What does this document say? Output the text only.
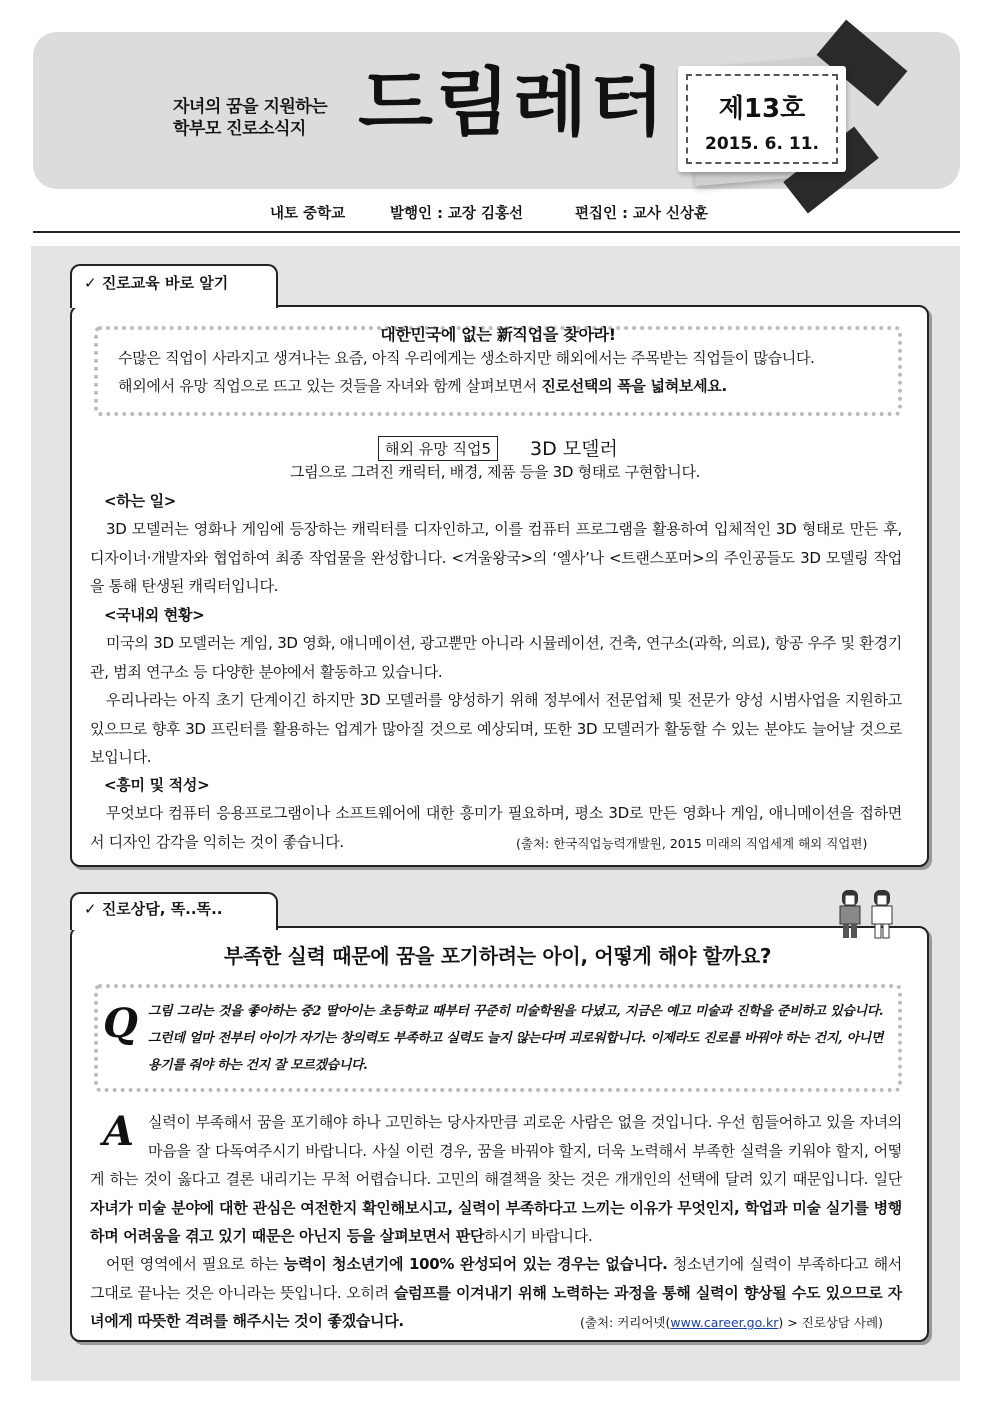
자녀의 꿈을 지원하는
학부모 진로소식지 드림레터	제13호
2015. 6. 11.
내토 중학교	발행인 : 교장 김홍선	편집인 : 교사 신상훈
✓ 진로교육 바로 알기
대한민국에 없는 新직업을 찾아라!
수많은 직업이 사라지고 생겨나는 요즘, 아직 우리에게는 생소하지만 해외에서는 주목받는 직업들이 많습니다.
해외에서 유망 직업으로 뜨고 있는 것들을 자녀와 함께 살펴보면서 진로선택의 폭을 넓혀보세요.
해외 유망 직업5	3D 모델러
그림으로 그려진 캐릭터, 배경, 제품 등을 3D 형태로 구현합니다.
<하는 일>
3D 모델러는 영화나 게임에 등장하는 캐릭터를 디자인하고, 이를 컴퓨터 프로그램을 활용하여 입체적인 3D 형태로 만든 후, 디자이너·개발자와 협업하여 최종 작업물을 완성합니다. <겨울왕국>의 ‘엘사’나 <트랜스포머>의 주인공들도 3D 모델링 작업을 통해 탄생된 캐릭터입니다.
<국내외 현황>
미국의 3D 모델러는 게임, 3D 영화, 애니메이션, 광고뿐만 아니라 시뮬레이션, 건축, 연구소(과학, 의료), 항공 우주 및 환경기관, 범죄 연구소 등 다양한 분야에서 활동하고 있습니다.
우리나라는 아직 초기 단계이긴 하지만 3D 모델러를 양성하기 위해 정부에서 전문업체 및 전문가 양성 시범사업을 지원하고 있으므로 향후 3D 프린터를 활용하는 업계가 많아질 것으로 예상되며, 또한 3D 모델러가 활동할 수 있는 분야도 늘어날 것으로 보입니다.
<흥미 및 적성>
무엇보다 컴퓨터 응용프로그램이나 소프트웨어에 대한 흥미가 필요하며, 평소 3D로 만든 영화나 게임, 애니메이션을 접하면서 디자인 감각을 익히는 것이 좋습니다.	(출처: 한국직업능력개발원, 2015 미래의 직업세계 해외 직업편)
✓ 진로상담, 똑..똑..
부족한 실력 때문에 꿈을 포기하려는 아이, 어떻게 해야 할까요?
Q 그림 그리는 것을 좋아하는 중2 딸아이는 초등학교 때부터 꾸준히 미술학원을 다녔고, 지금은 예고 미술과 진학을 준비하고 있습니다. 그런데 얼마 전부터 아이가 자기는 창의력도 부족하고 실력도 늘지 않는다며 괴로워합니다. 이제라도 진로를 바꿔야 하는 건지, 아니면 용기를 줘야 하는 건지 잘 모르겠습니다.
A 실력이 부족해서 꿈을 포기해야 하나 고민하는 당사자만큼 괴로운 사람은 없을 것입니다. 우선 힘들어하고 있을 자녀의 마음을 잘 다독여주시기 바랍니다. 사실 이런 경우, 꿈을 바꿔야 할지, 더욱 노력해서 부족한 실력을 키워야 할지, 어떻게 하는 것이 옳다고 결론 내리기는 무척 어렵습니다. 고민의 해결책을 찾는 것은 개개인의 선택에 달려 있기 때문입니다. 일단 자녀가 미술 분야에 대한 관심은 여전한지 확인해보시고, 실력이 부족하다고 느끼는 이유가 무엇인지, 학업과 미술 실기를 병행하며 어려움을 겪고 있기 때문은 아닌지 등을 살펴보면서 판단하시기 바랍니다.
어떤 영역에서 필요로 하는 능력이 청소년기에 100% 완성되어 있는 경우는 없습니다. 청소년기에 실력이 부족하다고 해서 그대로 끝나는 것은 아니라는 뜻입니다. 오히려 슬럼프를 이겨내기 위해 노력하는 과정을 통해 실력이 향상될 수도 있으므로 자녀에게 따뜻한 격려를 해주시는 것이 좋겠습니다.	(출처: 커리어넷(www.career.go.kr) > 진로상담 사례)
